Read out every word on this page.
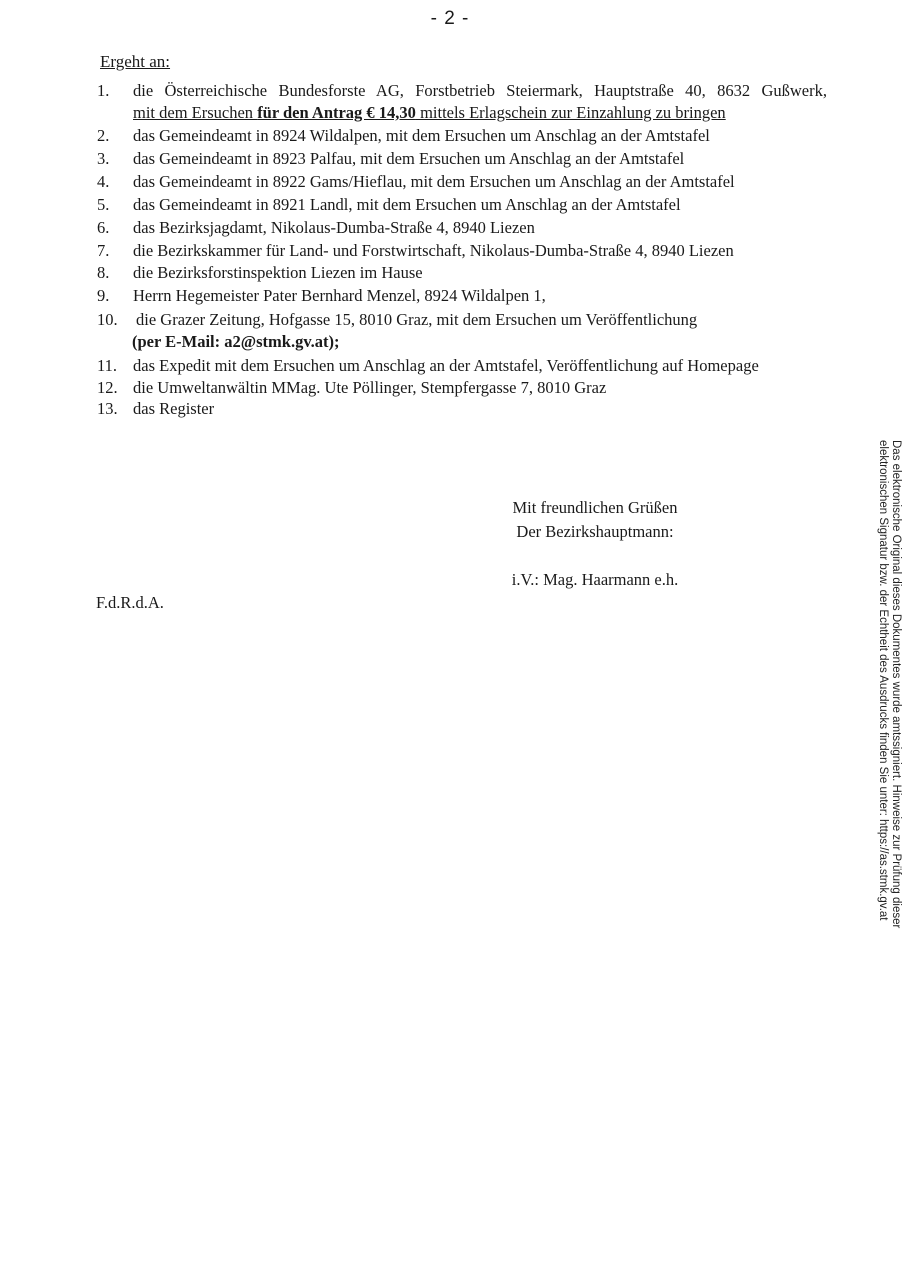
- 2 -
Ergeht an:
1. die Österreichische Bundesforste AG, Forstbetrieb Steiermark, Hauptstraße 40, 8632 Gußwerk,
mit dem Ersuchen für den Antrag € 14,30 mittels Erlagschein zur Einzahlung zu bringen
2. das Gemeindeamt in 8924 Wildalpen, mit dem Ersuchen um Anschlag an der Amtstafel
3. das Gemeindeamt in 8923 Palfau, mit dem Ersuchen um Anschlag an der Amtstafel
4. das Gemeindeamt in 8922 Gams/Hieflau, mit dem Ersuchen um Anschlag an der Amtstafel
5. das Gemeindeamt in 8921 Landl, mit dem Ersuchen um Anschlag an der Amtstafel
6. das Bezirksjagdamt, Nikolaus-Dumba-Straße 4, 8940 Liezen
7. die Bezirkskammer für Land- und Forstwirtschaft, Nikolaus-Dumba-Straße 4, 8940 Liezen
8. die Bezirksforstinspektion Liezen im Hause
9. Herrn Hegemeister Pater Bernhard Menzel, 8924 Wildalpen 1,
10. die Grazer Zeitung, Hofgasse 15, 8010 Graz, mit dem Ersuchen um Veröffentlichung
(per E-Mail: a2@stmk.gv.at);
11. das Expedit mit dem Ersuchen um Anschlag an der Amtstafel, Veröffentlichung auf Homepage
12. die Umweltanwältin MMag. Ute Pöllinger, Stempfergasse 7, 8010 Graz
13. das Register
Mit freundlichen Grüßen
Der Bezirkshauptmann:
i.V.: Mag. Haarmann e.h.
F.d.R.d.A.	Das elektronische Original dieses Dokumentes wurde amtssigniert. Hinweise zur Prüfung dieser
elektronischen Signatur bzw. der Echtheit des Ausdrucks finden Sie unter: https://as.stmk.gv.at
